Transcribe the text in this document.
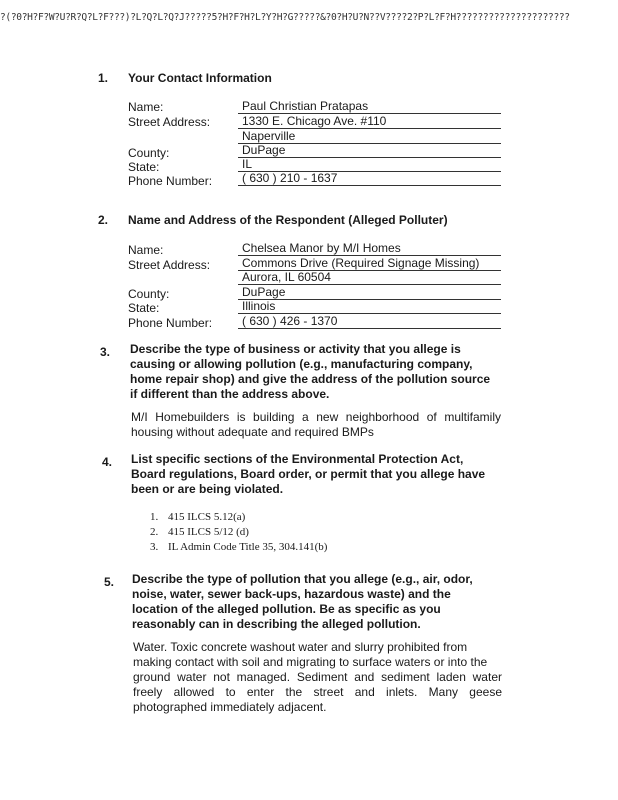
?(?0?H?F?W?U?R?Q?L?F???)?L?Q?L?Q?J?????5?H?F?H?L?Y?H?G?????&?0?H?U?N??V????2?P?L?F?H?????????????????????
1. Your Contact Information
Name:
Street Address:
County:
State:
Phone Number:
Paul Christian Pratapas
1330 E. Chicago Ave. #110
Naperville
DuPage
IL
( 630 ) 210 - 1637
2. Name and Address of the Respondent (Alleged Polluter)
Name:
Street Address:
County:
State:
Phone Number:
Chelsea Manor by M/I Homes
Commons Drive (Required Signage Missing)
Aurora, IL 60504
DuPage
Illinois
( 630 ) 426 - 1370
3. Describe the type of business or activity that you allege is
causing or allowing pollution (e.g., manufacturing company,
home repair shop) and give the address of the pollution source
if different than the address above.
M/I Homebuilders is building a new neighborhood of multifamily
housing without adequate and required BMPs
4. List specific sections of the Environmental Protection Act,
Board regulations, Board order, or permit that you allege have
been or are being violated.
1. 415 ILCS 5.12(a)
2. 415 ILCS 5/12 (d)
3. IL Admin Code Title 35, 304.141(b)
5. Describe the type of pollution that you allege (e.g., air, odor,
noise, water, sewer back-ups, hazardous waste) and the
location of the alleged pollution. Be as specific as you
reasonably can in describing the alleged pollution.
Water. Toxic concrete washout water and slurry prohibited from
making contact with soil and migrating to surface waters or into the
ground water not managed. Sediment and sediment laden water
freely allowed to enter the street and inlets. Many geese
photographed immediately adjacent.
